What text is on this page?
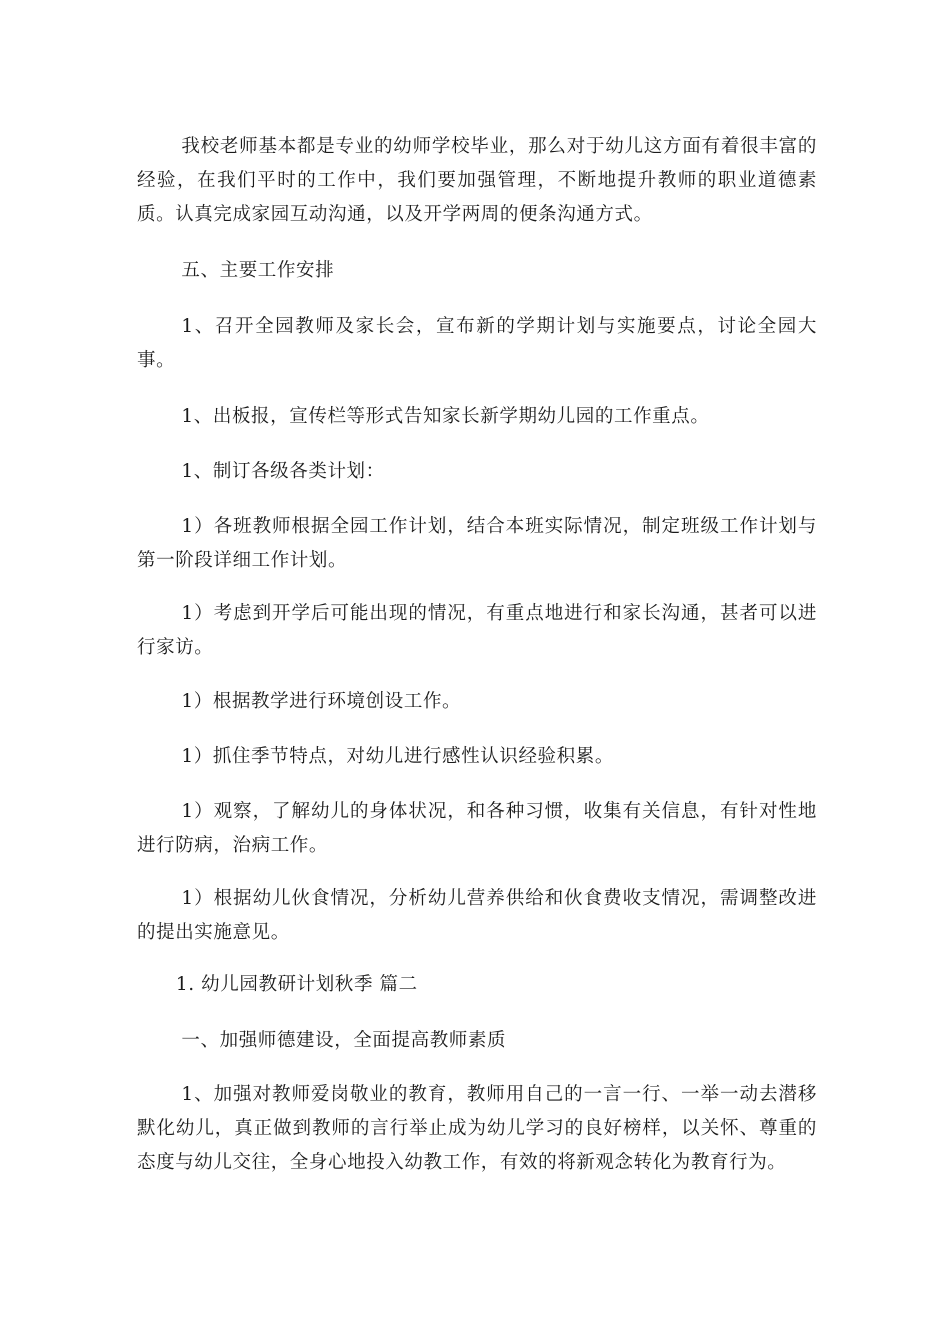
我校老师基本都是专业的幼师学校毕业，那么对于幼儿这方面有着很丰富的经验，在我们平时的工作中，我们要加强管理，不断地提升教师的职业道德素质。认真完成家园互动沟通，以及开学两周的便条沟通方式。

五、主要工作安排

1、召开全园教师及家长会，宣布新的学期计划与实施要点，讨论全园大事。

1、出板报，宣传栏等形式告知家长新学期幼儿园的工作重点。

1、制订各级各类计划：

1）各班教师根据全园工作计划，结合本班实际情况，制定班级工作计划与第一阶段详细工作计划。

1）考虑到开学后可能出现的情况，有重点地进行和家长沟通，甚者可以进行家访。

1）根据教学进行环境创设工作。

1）抓住季节特点，对幼儿进行感性认识经验积累。

1）观察，了解幼儿的身体状况，和各种习惯，收集有关信息，有针对性地进行防病，治病工作。

1）根据幼儿伙食情况，分析幼儿营养供给和伙食费收支情况，需调整改进的提出实施意见。

1. 幼儿园教研计划秋季 篇二

一、加强师德建设，全面提高教师素质

1、加强对教师爱岗敬业的教育，教师用自己的一言一行、一举一动去潜移默化幼儿，真正做到教师的言行举止成为幼儿学习的良好榜样，以关怀、尊重的态度与幼儿交往，全身心地投入幼教工作，有效的将新观念转化为教育行为。
